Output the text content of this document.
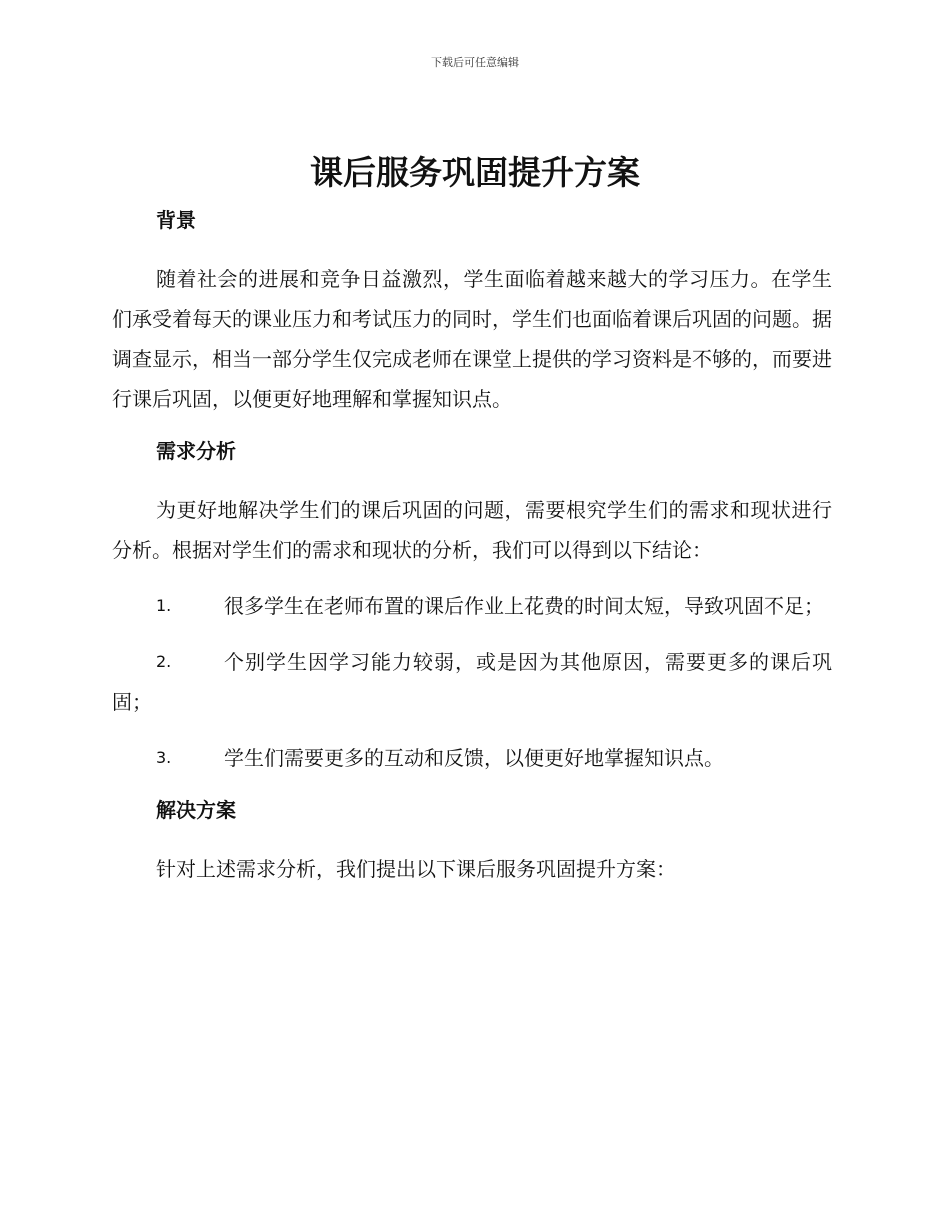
下载后可任意编辑
课后服务巩固提升方案
背景

随着社会的进展和竞争日益激烈，学生面临着越来越大的学习压力。在学生们承受着每天的课业压力和考试压力的同时，学生们也面临着课后巩固的问题。据调查显示，相当一部分学生仅完成老师在课堂上提供的学习资料是不够的，而要进行课后巩固，以便更好地理解和掌握知识点。

需求分析

为更好地解决学生们的课后巩固的问题，需要根究学生们的需求和现状进行分析。根据对学生们的需求和现状的分析，我们可以得到以下结论：

1.	很多学生在老师布置的课后作业上花费的时间太短，导致巩固不足；

2.	个别学生因学习能力较弱，或是因为其他原因，需要更多的课后巩固；

3.	学生们需要更多的互动和反馈，以便更好地掌握知识点。

解决方案

针对上述需求分析，我们提出以下课后服务巩固提升方案：
